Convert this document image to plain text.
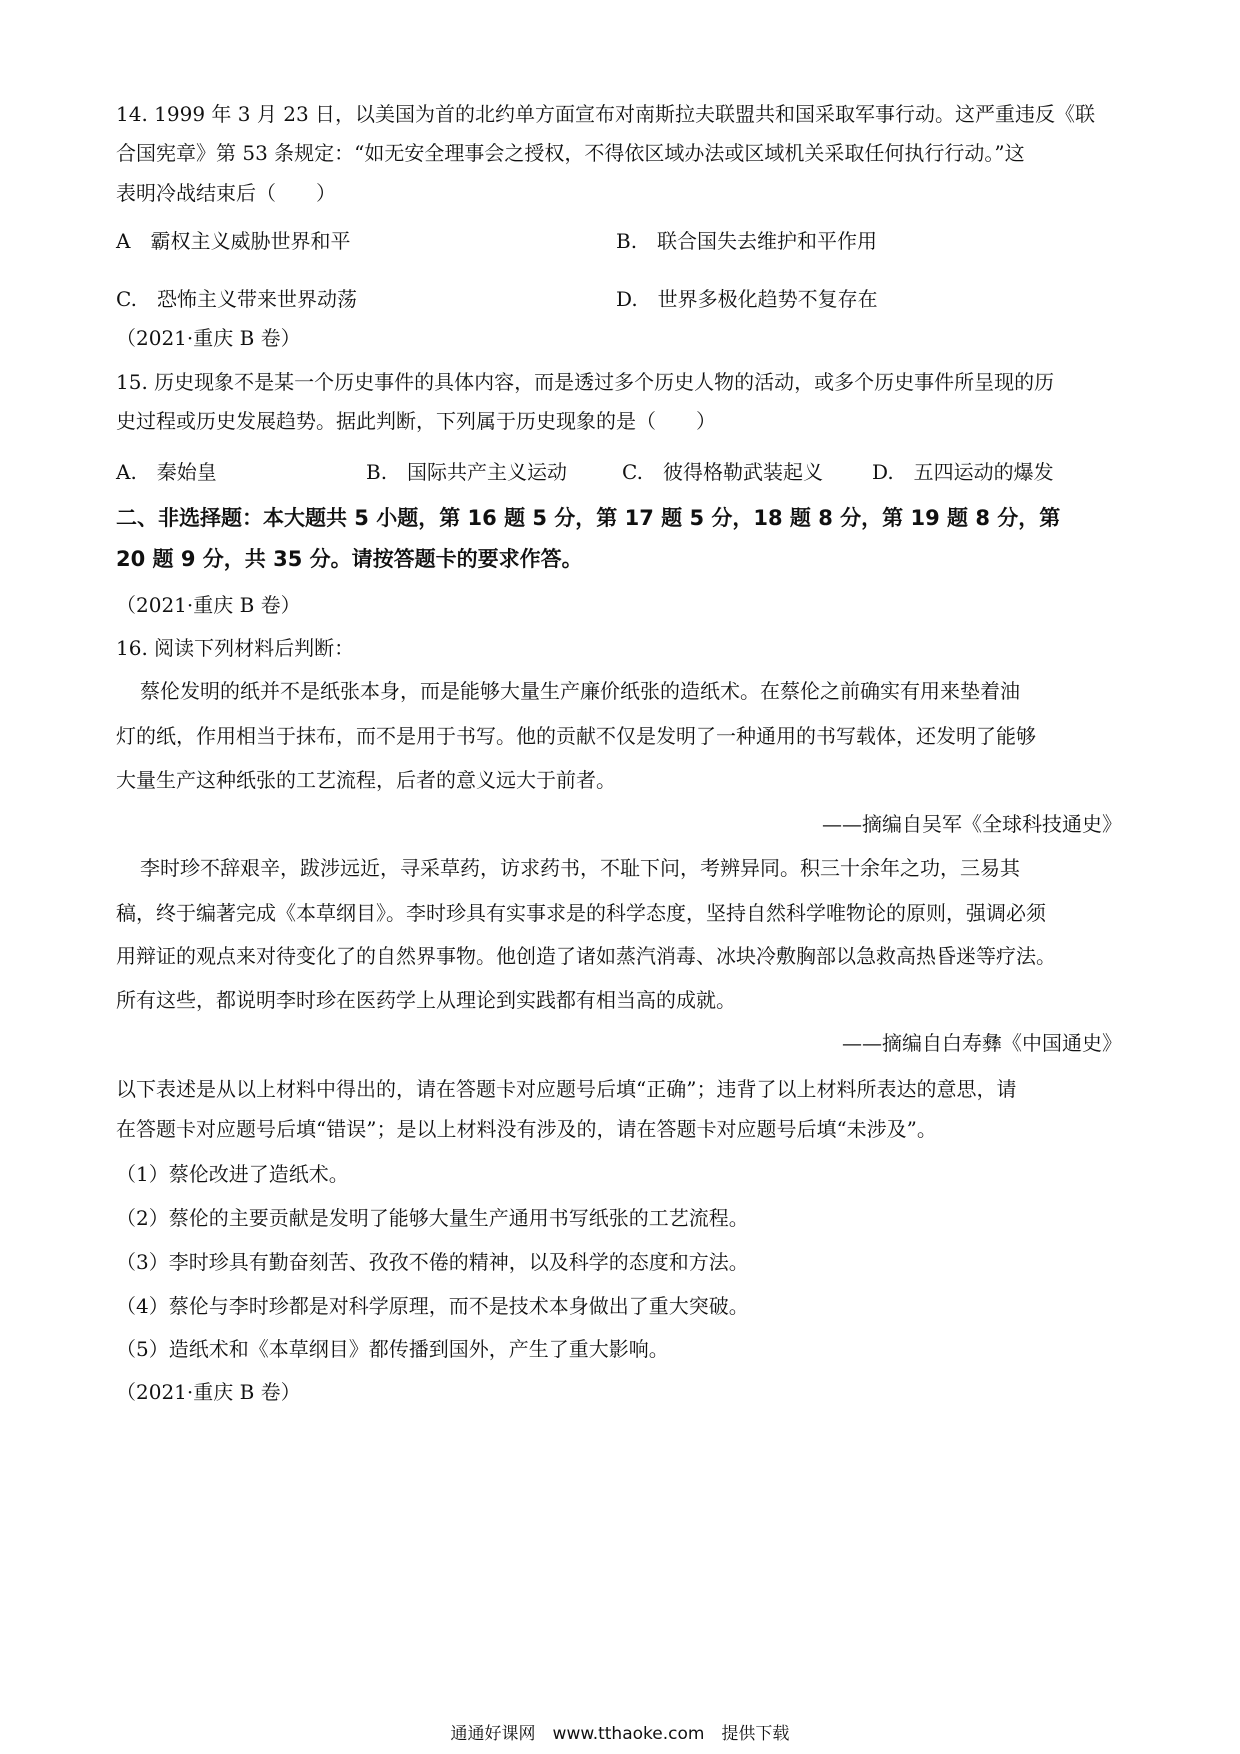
14. 1999 年 3 月 23 日，以美国为首的北约单方面宣布对南斯拉夫联盟共和国采取军事行动。这严重违反《联
合国宪章》第 53 条规定：“如无安全理事会之授权，不得依区域办法或区域机关采取任何执行行动。”这
表明冷战结束后（　　）
A　霸权主义威胁世界和平	B.　联合国失去维护和平作用
C.　恐怖主义带来世界动荡	D.　世界多极化趋势不复存在
（2021·重庆 B 卷）
15. 历史现象不是某一个历史事件的具体内容，而是透过多个历史人物的活动，或多个历史事件所呈现的历
史过程或历史发展趋势。据此判断，下列属于历史现象的是（　　）
A.　秦始皇	B.　国际共产主义运动	C.　彼得格勒武装起义 D.　五四运动的爆发
二、非选择题：本大题共 5 小题，第 16 题 5 分，第 17 题 5 分，18 题 8 分，第 19 题 8 分，第
20 题 9 分，共 35 分。请按答题卡的要求作答。
（2021·重庆 B 卷）
16. 阅读下列材料后判断：
蔡伦发明的纸并不是纸张本身，而是能够大量生产廉价纸张的造纸术。在蔡伦之前确实有用来垫着油
灯的纸，作用相当于抹布，而不是用于书写。他的贡献不仅是发明了一种通用的书写载体，还发明了能够
大量生产这种纸张的工艺流程，后者的意义远大于前者。
——摘编自吴军《全球科技通史》
李时珍不辞艰辛，跋涉远近，寻采草药，访求药书，不耻下问，考辨异同。积三十余年之功，三易其
稿，终于编著完成《本草纲目》。李时珍具有实事求是的科学态度，坚持自然科学唯物论的原则，强调必须
用辩证的观点来对待变化了的自然界事物。他创造了诸如蒸汽消毒、冰块冷敷胸部以急救高热昏迷等疗法。
所有这些，都说明李时珍在医药学上从理论到实践都有相当高的成就。
——摘编自白寿彝《中国通史》
以下表述是从以上材料中得出的，请在答题卡对应题号后填“正确”；违背了以上材料所表达的意思，请
在答题卡对应题号后填“错误”；是以上材料没有涉及的，请在答题卡对应题号后填“未涉及”。
（1）蔡伦改进了造纸术。
（2）蔡伦的主要贡献是发明了能够大量生产通用书写纸张的工艺流程。
（3）李时珍具有勤奋刻苦、孜孜不倦的精神，以及科学的态度和方法。
（4）蔡伦与李时珍都是对科学原理，而不是技术本身做出了重大突破。
（5）造纸术和《本草纲目》都传播到国外，产生了重大影响。
（2021·重庆 B 卷）
通通好课网　www.tthaoke.com　提供下载
